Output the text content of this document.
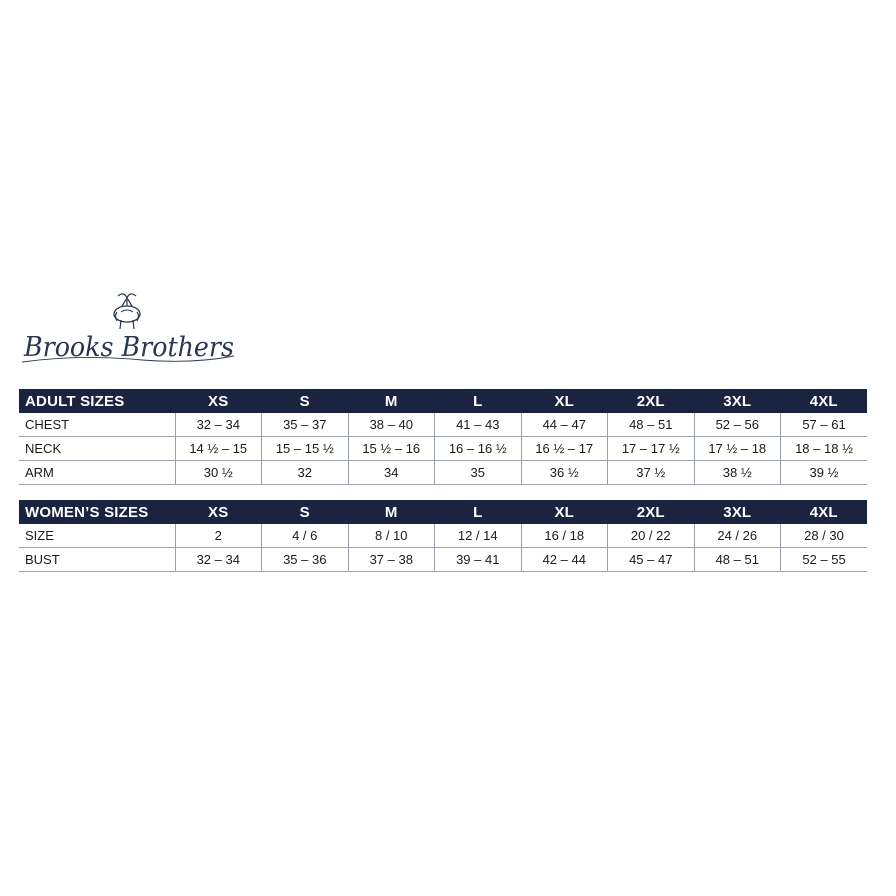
Brooks Brothers
ADULT SIZES	XS	S	M	L	XL	2XL	3XL	4XL
CHEST	32 – 34	35 – 37	38 – 40	41 – 43	44 – 47	48 – 51	52 – 56	57 – 61
NECK	14 ½ – 15	15 – 15 ½	15 ½ – 16	16 – 16 ½	16 ½ – 17	17 – 17 ½	17 ½ – 18	18 – 18 ½
ARM	30 ½	32	34	35	36 ½	37 ½	38 ½	39 ½
WOMEN’S SIZES	XS	S	M	L	XL	2XL	3XL	4XL
SIZE	2	4 / 6	8 / 10	12 / 14	16 / 18	20 / 22	24 / 26	28 / 30
BUST	32 – 34	35 – 36	37 – 38	39 – 41	42 – 44	45 – 47	48 – 51	52 – 55
